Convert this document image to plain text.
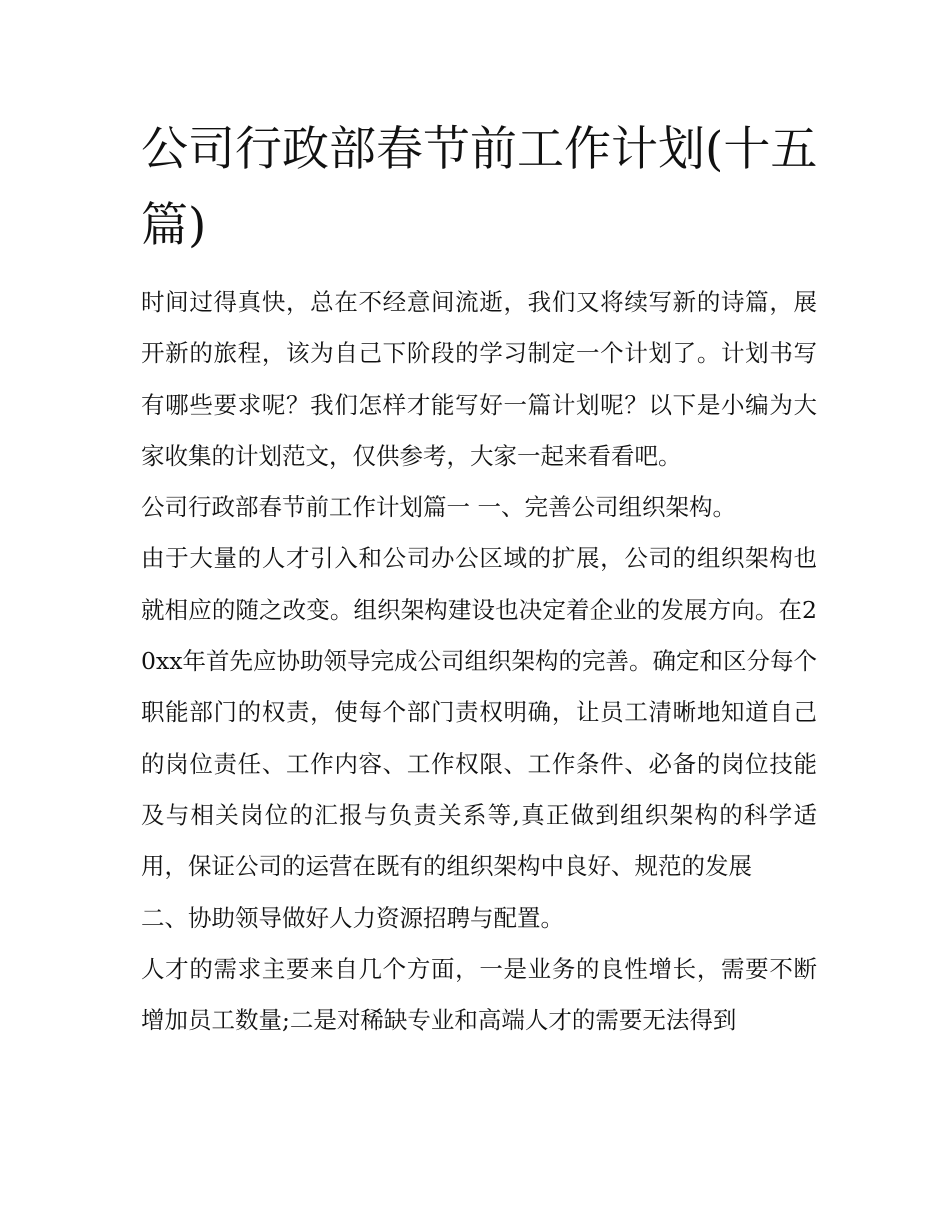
公司行政部春节前工作计划(十五篇)

时间过得真快，总在不经意间流逝，我们又将续写新的诗篇，展开新的旅程，该为自己下阶段的学习制定一个计划了。计划书写有哪些要求呢？我们怎样才能写好一篇计划呢？以下是小编为大家收集的计划范文，仅供参考，大家一起来看看吧。

公司行政部春节前工作计划篇一 一、完善公司组织架构。

由于大量的人才引入和公司办公区域的扩展，公司的组织架构也就相应的随之改变。组织架构建设也决定着企业的发展方向。在20xx年首先应协助领导完成公司组织架构的完善。确定和区分每个职能部门的权责，使每个部门责权明确，让员工清晰地知道自己的岗位责任、工作内容、工作权限、工作条件、必备的岗位技能及与相关岗位的汇报与负责关系等,真正做到组织架构的科学适用，保证公司的运营在既有的组织架构中良好、规范的发展

二、协助领导做好人力资源招聘与配置。

人才的需求主要来自几个方面，一是业务的良性增长，需要不断增加员工数量;二是对稀缺专业和高端人才的需要无法得到
